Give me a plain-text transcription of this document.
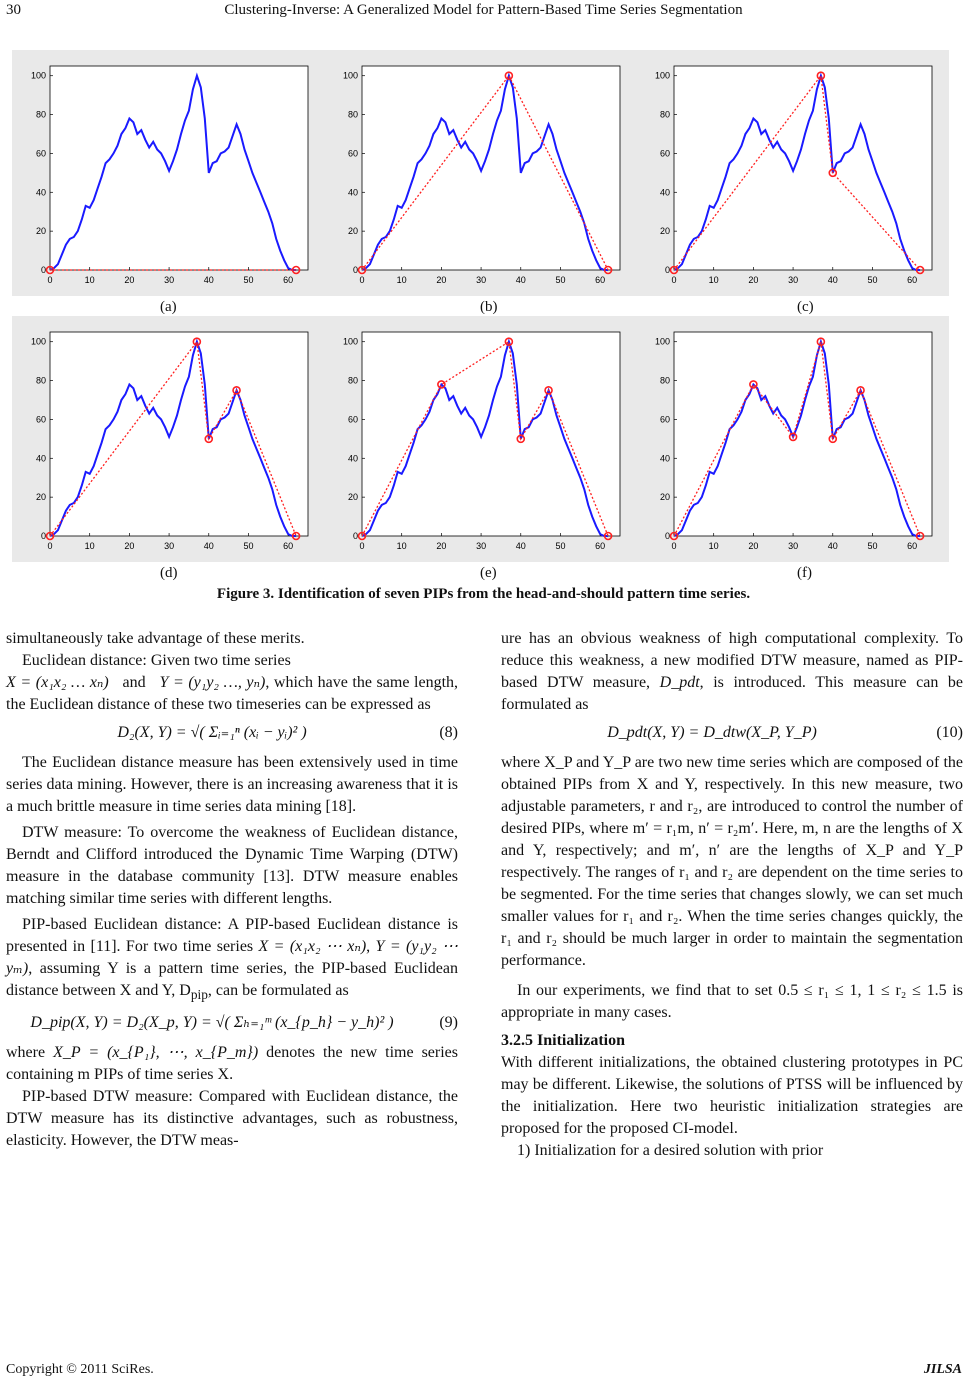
30	Clustering-Inverse: A Generalized Model for Pattern-Based Time Series Segmentation
0	10	20	30	40	50	60
0
20
40
60
80
100
0	10	20	30	40	50	60
0
20
40
60
80
100
0	10	20	30	40	50	60
0
20
40
60
80
100
(a)	(b)	(c)
0	10	20	30	40	50	60
0
20
40
60
80
100
0	10	20	30	40	50	60
0
20
40
60
80
100
0	10	20	30	40	50	60
0
20
40
60
80
100
(d)	(e)	(f)
Figure 3. Identification of seven PIPs from the head-and-should pattern time series.

simultaneously take advantage of these merits.

Euclidean distance: Given two time series
X = (x₁x₂ … xₙ) and Y = (y₁y₂ …, yₙ), which have the same length, the Euclidean distance of these two timeseries can be expressed as

D₂(X, Y) = √( Σᵢ₌₁ⁿ (xᵢ − yᵢ)² )	(8)

The Euclidean distance measure has been extensively used in time series data mining. However, there is an increasing awareness that it is a much brittle measure in time series data mining [18].

DTW measure: To overcome the weakness of Euclidean distance, Berndt and Clifford introduced the Dynamic Time Warping (DTW) measure in the database community [13]. DTW measure enables matching similar time series with different lengths.

PIP-based Euclidean distance: A PIP-based Euclidean distance is presented in [11]. For two time series X = (x₁x₂ ⋯ xₙ), Y = (y₁y₂ ⋯ yₘ), assuming Y is a pattern time series, the PIP-based Euclidean distance between X and Y, $D_{pip}$, can be formulated as

D_pip(X, Y) = D₂(X_p, Y) = √( Σₕ₌₁ᵐ (x_{p_h} − y_h)² )	(9)

where X_P = (x_{P₁}, ⋯, x_{P_m}) denotes the new time series containing m PIPs of time series X.

PIP-based DTW measure: Compared with Euclidean distance, the DTW measure has its distinctive advantages, such as robustness, elasticity. However, the DTW meas-

ure has an obvious weakness of high computational complexity. To reduce this weakness, a new modified DTW measure, named as PIP-based DTW measure, D_pdt, is introduced. This measure can be formulated as

D_pdt(X, Y) = D_dtw(X_P, Y_P)	(10)

where X_P and Y_P are two new time series which are composed of the obtained PIPs from X and Y, respectively. In this new measure, two adjustable parameters, r and r₂, are introduced to control the number of desired PIPs, where m′ = r₁m, n′ = r₂m′. Here, m, n are the lengths of X and Y, respectively; and m′, n′ are the lengths of X_P and Y_P respectively. The ranges of r₁ and r₂ are dependent on the time series to be segmented. For the time series that changes slowly, we can set much smaller values for r₁ and r₂. When the time series changes quickly, the r₁ and r₂ should be much larger in order to maintain the segmentation performance.

In our experiments, we find that to set 0.5 ≤ r₁ ≤ 1, 1 ≤ r₂ ≤ 1.5 is appropriate in many cases.

3.2.5 Initialization

With different initializations, the obtained clustering prototypes in PC may be different. Likewise, the solutions of PTSS will be influenced by the initialization. Here two heuristic initialization strategies are proposed for the proposed CI-model.

1) Initialization for a desired solution with prior

Copyright © 2011 SciRes.	JILSA
